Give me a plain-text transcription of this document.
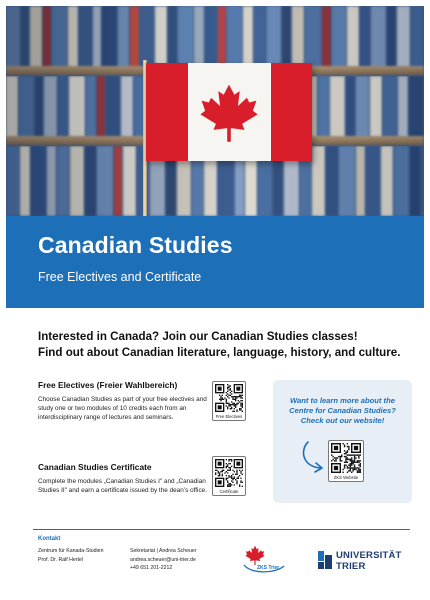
Canadian Studies
Free Electives and Certificate
Interested in Canada? Join our Canadian Studies classes!
Find out about Canadian literature, language, history, and culture.
Free Electives (Freier Wahlbereich)

Choose Canadian Studies as part of your free electives and study one or two modules of 10 credits each from an interdisciplinary range of lectures and seminars.	Free Electives
Canadian Studies Certificate

Complete the modules „Canadian Studies I" and „Canadian Studies II" and earn a certificate issued by the dean’s office.	Certificate
Want to learn more about the Centre for Canadian Studies? Check out our website!
ZKS Website
Kontakt
Zentrum für Kanada-Studien
Prof. Dr. Ralf Hertel
Sekretariat | Andrea Scheuer
andrea.scheuer@uni-trier.de
+49 651 201-2212	ZKS Trier
UNIVERSITÄT
TRIER
